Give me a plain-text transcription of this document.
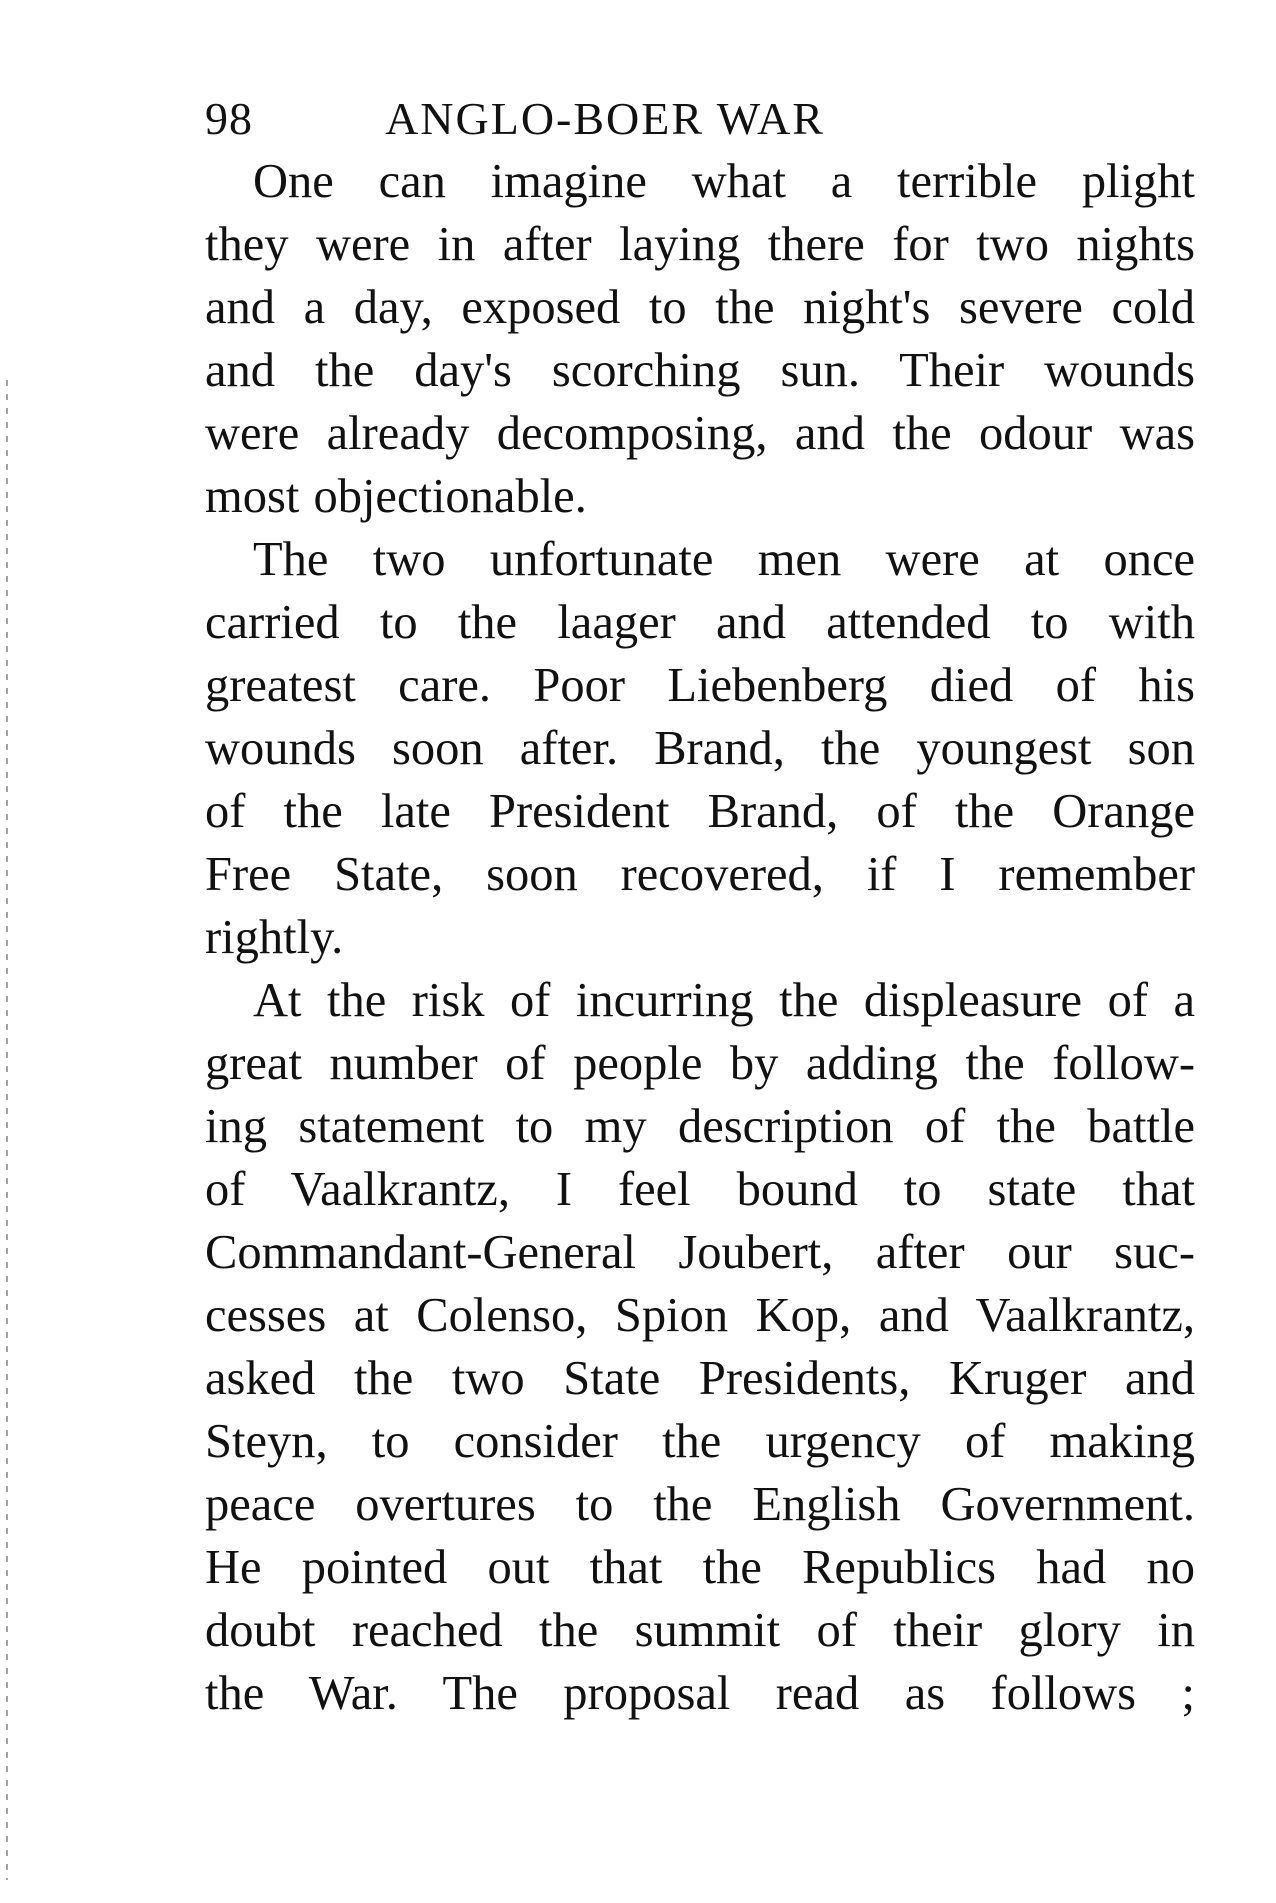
98	ANGLO-BOER WAR

One can imagine what a terrible plight
they were in after laying there for two nights
and a day, exposed to the night's severe cold
and the day's scorching sun. Their wounds
were already decomposing, and the odour was
most objectionable.

The two unfortunate men were at once
carried to the laager and attended to with
greatest care. Poor Liebenberg died of his
wounds soon after. Brand, the youngest son
of the late President Brand, of the Orange
Free State, soon recovered, if I remember
rightly.

At the risk of incurring the displeasure of a
great number of people by adding the follow-
ing statement to my description of the battle
of Vaalkrantz, I feel bound to state that
Commandant-General Joubert, after our suc-
cesses at Colenso, Spion Kop, and Vaalkrantz,
asked the two State Presidents, Kruger and
Steyn, to consider the urgency of making
peace overtures to the English Government.
He pointed out that the Republics had no
doubt reached the summit of their glory in
the War. The proposal read as follows ;
